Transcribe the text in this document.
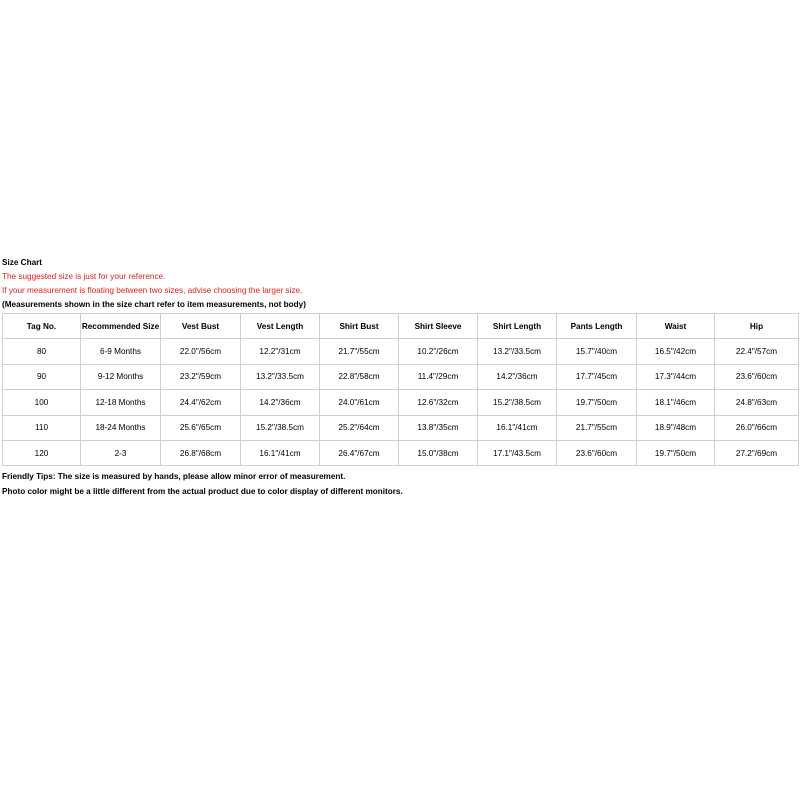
Size Chart
The suggested size is just for your reference.
If your measurement is floating between two sizes, advise choosing the larger size.
(Measurements shown in the size chart refer to item measurements, not body)
Tag No.	Recommended Size	Vest Bust	Vest Length	Shirt Bust	Shirt Sleeve	Shirt Length	Pants Length	Waist	Hip
80	6-9 Months	22.0"/56cm	12.2"/31cm	21.7"/55cm	10.2"/26cm	13.2"/33.5cm	15.7"/40cm	16.5"/42cm	22.4"/57cm
90	9-12 Months	23.2"/59cm	13.2"/33.5cm	22.8"/58cm	11.4"/29cm	14.2"/36cm	17.7"/45cm	17.3"/44cm	23.6"/60cm
100	12-18 Months	24.4"/62cm	14.2"/36cm	24.0"/61cm	12.6"/32cm	15.2"/38.5cm	19.7"/50cm	18.1"/46cm	24.8"/63cm
110	18-24 Months	25.6"/65cm	15.2"/38.5cm	25.2"/64cm	13.8"/35cm	16.1"/41cm	21.7"/55cm	18.9"/48cm	26.0"/66cm
120	2-3	26.8"/68cm	16.1"/41cm	26.4"/67cm	15.0"/38cm	17.1"/43.5cm	23.6"/60cm	19.7"/50cm	27.2"/69cm
Friendly Tips: The size is measured by hands, please allow minor error of measurement.
Photo color might be a little different from the actual product due to color display of different monitors.
